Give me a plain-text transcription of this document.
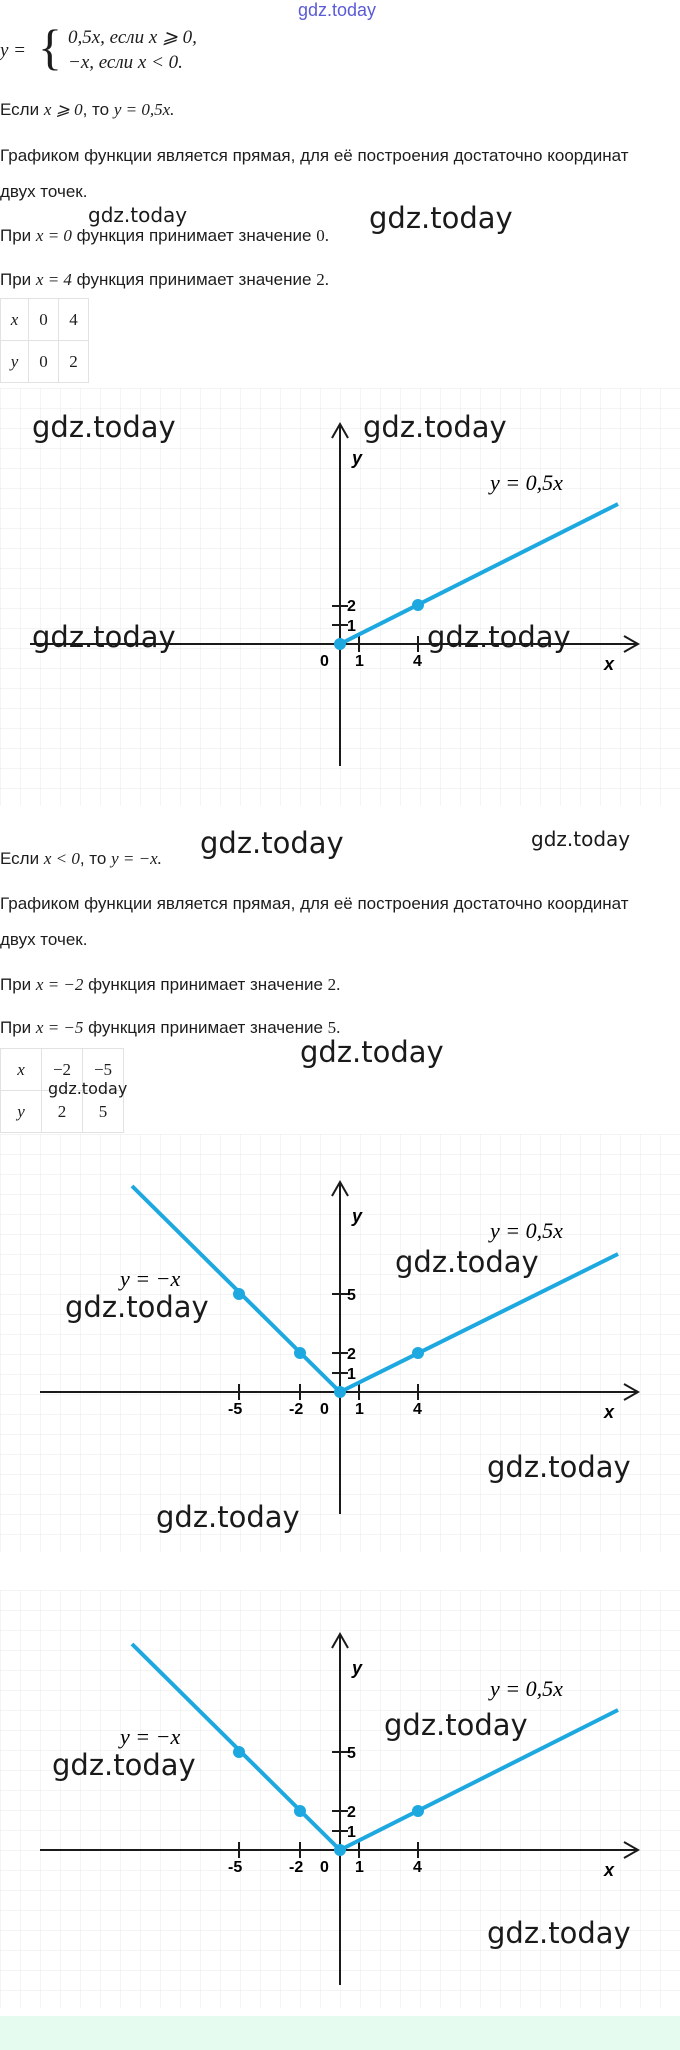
gdz.today
y = { 0,5x, если x ⩾ 0,
−x, если x < 0.
Если x ⩾ 0, то y = 0,5x.
Графиком функции является прямая, для её построения достаточно координат
двух точек.
При x = 0 функция принимает значение 0.
При x = 4 функция принимает значение 2.
x	0	4
y	0	2
y
x
0 1	4
1
2
y = 0,5x
Если x < 0, то y = −x.
Графиком функции является прямая, для её построения достаточно координат
двух точек.
При x = −2 функция принимает значение 2.
При x = −5 функция принимает значение 5.
x	−2	−5
y	2	5
y
x
0
-5	-2	1	4
1
2
5
y = 0,5x
y = −x
y
x
0
-5	-2	1	4
1
2
5
y = 0,5x
y = −x
gdz.today	gdz.today
gdz.today	gdz.today
gdz.today	gdz.today
gdz.today	gdz.today
gdz.today
gdz.today
gdz.today
gdz.today
gdz.today
gdz.today
gdz.today
gdz.today
gdz.today
